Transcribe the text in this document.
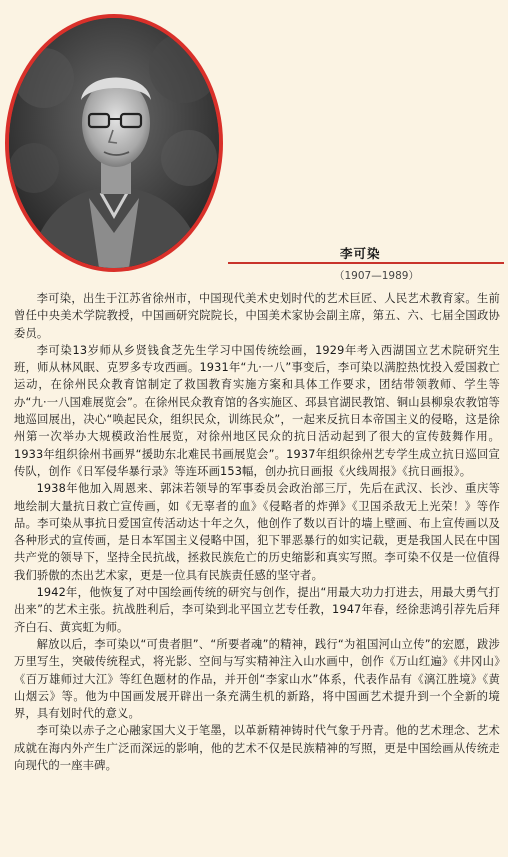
李可染
（1907—1989）

李可染，出生于江苏省徐州市，中国现代美术史划时代的艺术巨匠、人民艺术教育家。生前曾任中央美术学院教授，中国画研究院院长，中国美术家协会副主席，第五、六、七届全国政协委员。

李可染13岁师从乡贤钱食芝先生学习中国传统绘画，1929年考入西湖国立艺术院研究生班，师从林风眠、克罗多专攻西画。1931年“九·一八”事变后，李可染以满腔热忱投入爱国救亡运动，在徐州民众教育馆制定了救国教育实施方案和具体工作要求，团结带领教师、学生等办“九·一八国难展览会”。在徐州民众教育馆的各实施区、邳县官湖民教馆、铜山县柳泉农教馆等地巡回展出，决心“唤起民众，组织民众，训练民众”，一起来反抗日本帝国主义的侵略，这是徐州第一次举办大规模政治性展览，对徐州地区民众的抗日活动起到了很大的宣传鼓舞作用。1933年组织徐州书画界“援助东北难民书画展览会”。1937年组织徐州艺专学生成立抗日巡回宣传队，创作《日军侵华暴行录》等连环画153幅，创办抗日画报《火线周报》《抗日画报》。

1938年他加入周恩来、郭沫若领导的军事委员会政治部三厅，先后在武汉、长沙、重庆等地绘制大量抗日救亡宣传画，如《无辜者的血》《侵略者的炸弹》《卫国杀敌无上光荣！》等作品。李可染从事抗日爱国宣传活动达十年之久，他创作了数以百计的墙上壁画、布上宣传画以及各种形式的宣传画，是日本军国主义侵略中国，犯下罪恶暴行的如实记载，更是我国人民在中国共产党的领导下，坚持全民抗战，拯救民族危亡的历史缩影和真实写照。李可染不仅是一位值得我们骄傲的杰出艺术家，更是一位具有民族责任感的坚守者。

1942年，他恢复了对中国绘画传统的研究与创作，提出“用最大功力打进去，用最大勇气打出来”的艺术主张。抗战胜利后，李可染到北平国立艺专任教，1947年春，经徐悲鸿引荐先后拜齐白石、黄宾虹为师。

解放以后，李可染以“可贵者胆”、“所要者魂”的精神，践行“为祖国河山立传”的宏愿，跋涉万里写生，突破传统程式，将光影、空间与写实精神注入山水画中，创作《万山红遍》《井冈山》《百万雄师过大江》等红色题材的作品，并开创“李家山水”体系，代表作品有《漓江胜境》《黄山烟云》等。他为中国画发展开辟出一条充满生机的新路，将中国画艺术提升到一个全新的境界，具有划时代的意义。

李可染以赤子之心融家国大义于笔墨，以革新精神铸时代气象于丹青。他的艺术理念、艺术成就在海内外产生广泛而深远的影响，他的艺术不仅是民族精神的写照，更是中国绘画从传统走向现代的一座丰碑。
